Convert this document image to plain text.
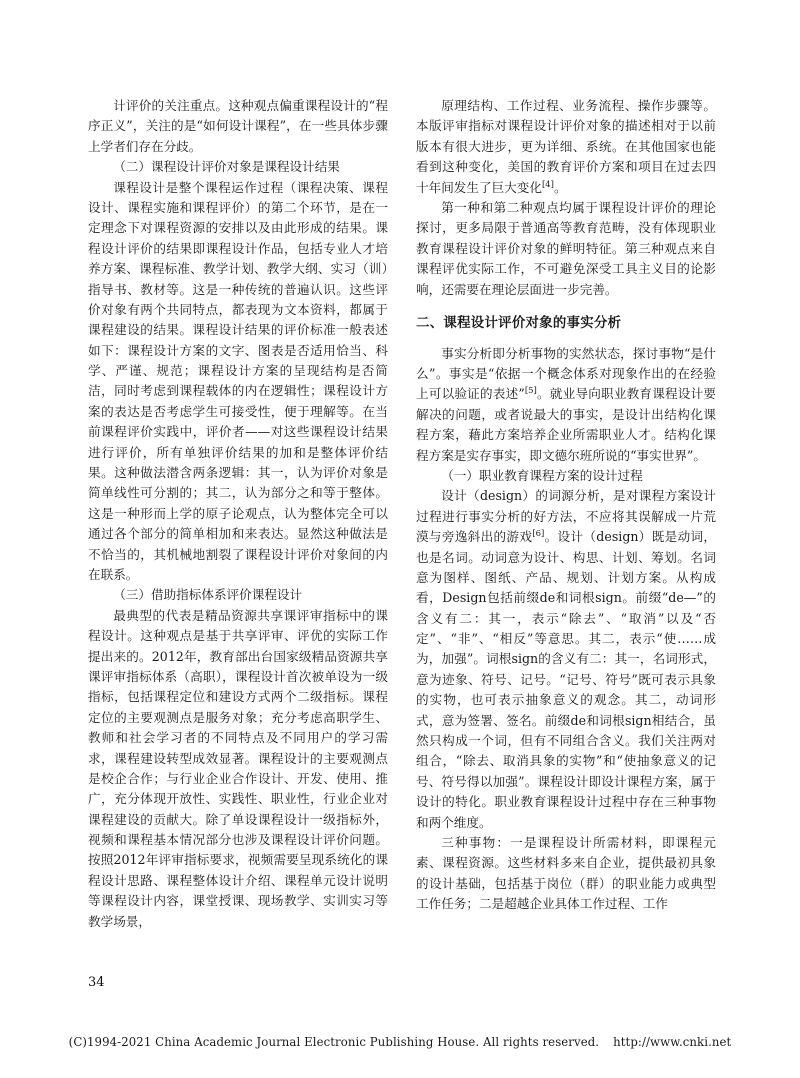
计评价的关注重点。这种观点偏重课程设计的“程序正义”，关注的是“如何设计课程”，在一些具体步骤上学者们存在分歧。

（二）课程设计评价对象是课程设计结果

课程设计是整个课程运作过程（课程决策、课程设计、课程实施和课程评价）的第二个环节，是在一定理念下对课程资源的安排以及由此形成的结果。课程设计评价的结果即课程设计作品，包括专业人才培养方案、课程标准、教学计划、教学大纲、实习（训）指导书、教材等。这是一种传统的普遍认识。这些评价对象有两个共同特点，都表现为文本资料，都属于课程建设的结果。课程设计结果的评价标准一般表述如下：课程设计方案的文字、图表是否适用恰当、科学、严谨、规范；课程设计方案的呈现结构是否简洁，同时考虑到课程载体的内在逻辑性；课程设计方案的表达是否考虑学生可接受性，便于理解等。在当前课程评价实践中，评价者——对这些课程设计结果进行评价，所有单独评价结果的加和是整体评价结果。这种做法潜含两条逻辑：其一，认为评价对象是简单线性可分割的；其二，认为部分之和等于整体。这是一种形而上学的原子论观点，认为整体完全可以通过各个部分的简单相加和来表达。显然这种做法是不恰当的，其机械地割裂了课程设计评价对象间的内在联系。

（三）借助指标体系评价课程设计

最典型的代表是精品资源共享课评审指标中的课程设计。这种观点是基于共享评审、评优的实际工作提出来的。2012年，教育部出台国家级精品资源共享课评审指标体系（高职），课程设计首次被单设为一级指标，包括课程定位和建设方式两个二级指标。课程定位的主要观测点是服务对象；充分考虑高职学生、教师和社会学习者的不同特点及不同用户的学习需求，课程建设转型成效显著。课程设计的主要观测点是校企合作；与行业企业合作设计、开发、使用、推广，充分体现开放性、实践性、职业性，行业企业对课程建设的贡献大。除了单设课程设计一级指标外，视频和课程基本情况部分也涉及课程设计评价问题。按照2012年评审指标要求，视频需要呈现系统化的课程设计思路、课程整体设计介绍、课程单元设计说明等课程设计内容，课堂授课、现场教学、实训实习等教学场景，

原理结构、工作过程、业务流程、操作步骤等。本版评审指标对课程设计评价对象的描述相对于以前版本有很大进步，更为详细、系统。在其他国家也能看到这种变化，美国的教育评价方案和项目在过去四十年间发生了巨大变化[4]。

第一种和第二种观点均属于课程设计评价的理论探讨，更多局限于普通高等教育范畴，没有体现职业教育课程设计评价对象的鲜明特征。第三种观点来自课程评优实际工作，不可避免深受工具主义目的论影响，还需要在理论层面进一步完善。

二、课程设计评价对象的事实分析

事实分析即分析事物的实然状态，探讨事物“是什么”。事实是“依据一个概念体系对现象作出的在经验上可以验证的表述”[5]。就业导向职业教育课程设计要解决的问题，或者说最大的事实，是设计出结构化课程方案，藉此方案培养企业所需职业人才。结构化课程方案是实存事实，即文德尔班所说的“事实世界”。

（一）职业教育课程方案的设计过程

设计（design）的词源分析，是对课程方案设计过程进行事实分析的好方法，不应将其误解成一片荒漠与旁逸斜出的游戏[6]。设计（design）既是动词，也是名词。动词意为设计、构思、计划、筹划。名词意为图样、图纸、产品、规划、计划方案。从构成看，Design包括前缀de和词根sign。前缀“de—”的含义有二：其一，表示“除去”、“取消”以及“否定”、“非”、“相反”等意思。其二，表示“使……成为，加强”。词根sign的含义有二：其一，名词形式，意为迹象、符号、记号。“记号、符号”既可表示具象的实物，也可表示抽象意义的观念。其二，动词形式，意为签署、签名。前缀de和词根sign相结合，虽然只构成一个词，但有不同组合含义。我们关注两对组合，“除去、取消具象的实物”和“使抽象意义的记号、符号得以加强”。课程设计即设计课程方案，属于设计的特化。职业教育课程设计过程中存在三种事物和两个维度。

三种事物：一是课程设计所需材料，即课程元素、课程资源。这些材料多来自企业，提供最初具象的设计基础，包括基于岗位（群）的职业能力或典型工作任务；二是超越企业具体工作过程、工作

34
(C)1994-2021 China Academic Journal Electronic Publishing House. All rights reserved. http://www.cnki.net
